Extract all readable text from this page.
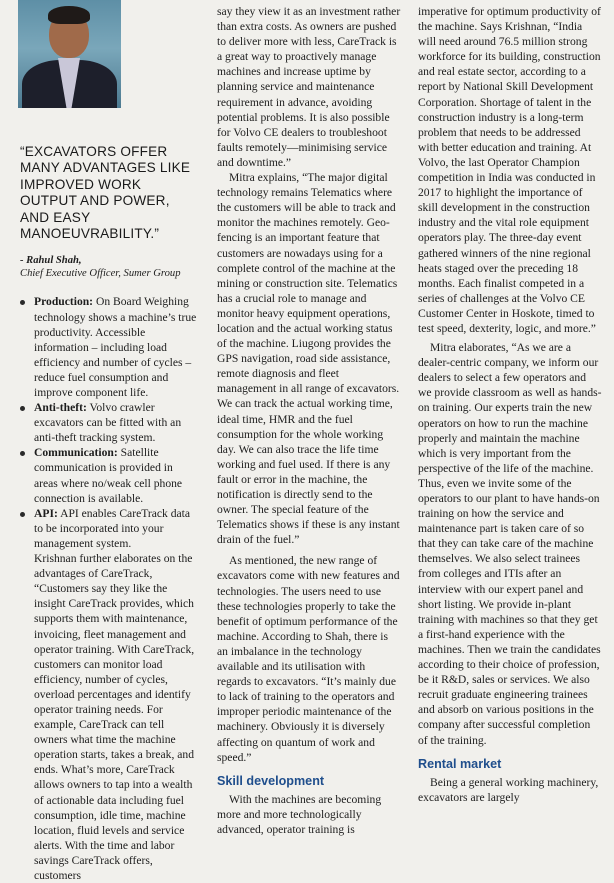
“EXCAVATORS OFFER MANY ADVANTAGES LIKE IMPROVED WORK OUTPUT AND POWER, AND EASY MANOEUVRABILITY.”
- Rahul Shah,
Chief Executive Officer, Sumer Group
Production: On Board Weighing technology shows a machine’s true productivity. Accessible information – including load efficiency and number of cycles – reduce fuel consumption and improve component life.
Anti-theft: Volvo crawler excavators can be fitted with an anti-theft tracking system.
Communication: Satellite communication is provided in areas where no/weak cell phone connection is available.
API: API enables CareTrack data to be incorporated into your management system.

Krishnan further elaborates on the advantages of CareTrack, “Customers say they like the insight CareTrack provides, which supports them with maintenance, invoicing, fleet management and operator training. With CareTrack, customers can monitor load efficiency, number of cycles, overload percentages and identify operator training needs. For example, CareTrack can tell owners what time the machine operation starts, takes a break, and ends. What’s more, CareTrack allows owners to tap into a wealth of actionable data including fuel consumption, idle time, machine location, fluid levels and service alerts. With the time and labor savings CareTrack offers, customers

say they view it as an investment rather than extra costs. As owners are pushed to deliver more with less, CareTrack is a great way to proactively manage machines and increase uptime by planning service and maintenance requirement in advance, avoiding potential problems. It is also possible for Volvo CE dealers to troubleshoot faults remotely—minimising service and downtime.”

Mitra explains, “The major digital technology remains Telematics where the customers will be able to track and monitor the machines remotely. Geo-fencing is an important feature that customers are nowadays using for a complete control of the machine at the mining or construction site. Telematics has a crucial role to manage and monitor heavy equipment operations, location and the actual working status of the machine. Liugong provides the GPS navigation, road side assistance, remote diagnosis and fleet management in all range of excavators. We can track the actual working time, ideal time, HMR and the fuel consumption for the whole working day. We can also trace the life time working and fuel used. If there is any fault or error in the machine, the notification is directly send to the owner. The special feature of the Telematics shows if these is any instant drain of the fuel.”

As mentioned, the new range of excavators come with new features and technologies. The users need to use these technologies properly to take the benefit of optimum performance of the machine. According to Shah, there is an imbalance in the technology available and its utilisation with regards to excavators. “It’s mainly due to lack of training to the operators and improper periodic maintenance of the machinery. Obviously it is diversely affecting on quantum of work and speed.”

Skill development

With the machines are becoming more and more technologically advanced, operator training is

imperative for optimum productivity of the machine. Says Krishnan, “India will need around 76.5 million strong workforce for its building, construction and real estate sector, according to a report by National Skill Development Corporation. Shortage of talent in the construction industry is a long-term problem that needs to be addressed with better education and training. At Volvo, the last Operator Champion competition in India was conducted in 2017 to highlight the importance of skill development in the construction industry and the vital role equipment operators play. The three-day event gathered winners of the nine regional heats staged over the preceding 18 months. Each finalist competed in a series of challenges at the Volvo CE Customer Center in Hoskote, timed to test speed, dexterity, logic, and more.”

Mitra elaborates, “As we are a dealer-centric company, we inform our dealers to select a few operators and we provide classroom as well as hands-on training. Our experts train the new operators on how to run the machine properly and maintain the machine which is very important from the perspective of the life of the machine. Thus, even we invite some of the operators to our plant to have hands-on training on how the service and maintenance part is taken care of so that they can take care of the machine themselves. We also select trainees from colleges and ITIs after an interview with our expert panel and short listing. We provide in-plant training with machines so that they get a first-hand experience with the machines. Then we train the candidates according to their choice of profession, be it R&D, sales or services. We also recruit graduate engineering trainees and absorb on various positions in the company after successful completion of the training.

Rental market

Being a general working machinery, excavators are largely
